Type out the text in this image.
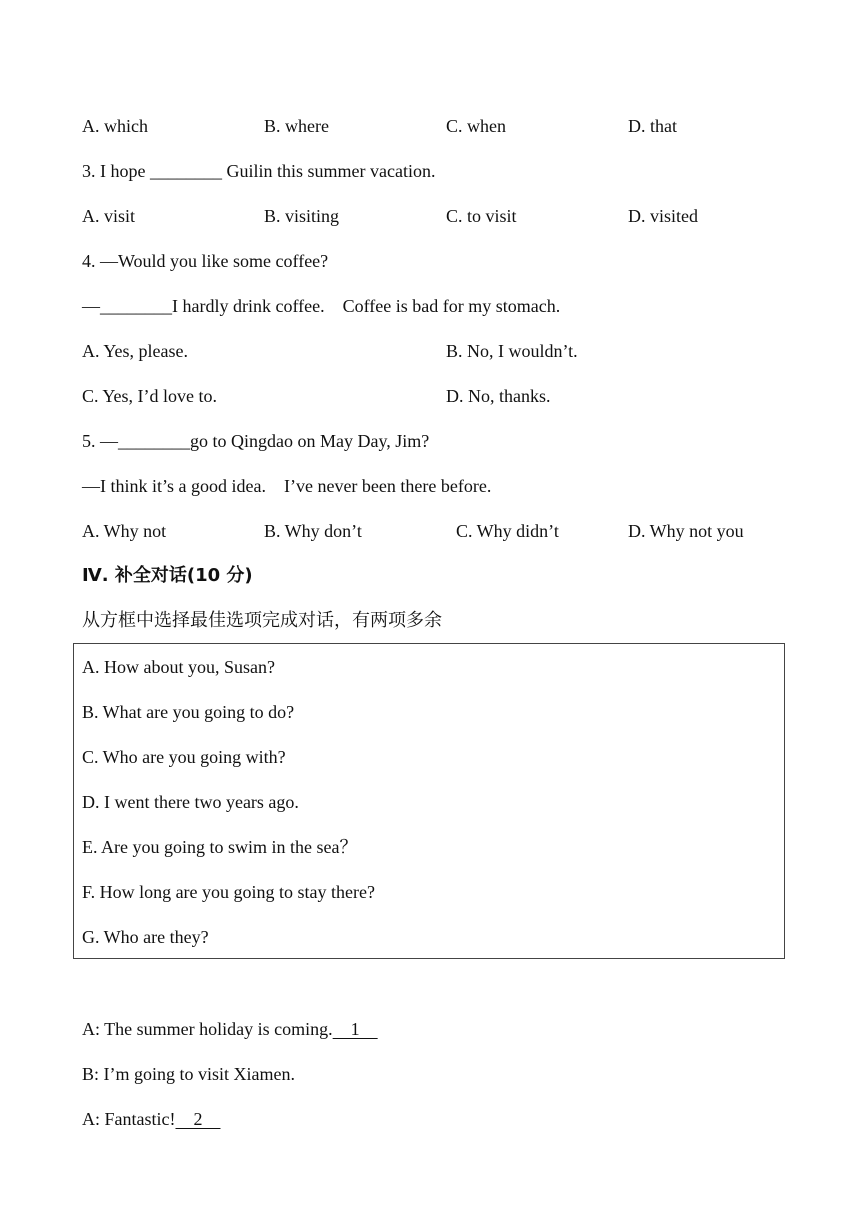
A. which	B. where	C. when	D. that
3. I hope ________ Guilin this summer vacation.
A. visit	B. visiting	C. to visit	D. visited
4. —Would you like some coffee?
—________I hardly drink coffee.    Coffee is bad for my stomach.
A. Yes, please.	B. No, I wouldn’t.
C. Yes, I’d love to.	D. No, thanks.
5. —________go to Qingdao on May Day, Jim?
—I think it’s a good idea.    I’ve never been there before.
A. Why not	B. Why don’t	C. Why didn’t	D. Why not you
Ⅳ. 补全对话(10 分)
从方框中选择最佳选项完成对话，有两项多余
A. How about you, Susan?
B. What are you going to do?
C. Who are you going with?
D. I went there two years ago.
E. Are you going to swim in the sea？
F. How long are you going to stay there?
G. Who are they?
A: The summer holiday is coming.    1
B: I’m going to visit Xiamen.
A: Fantastic!    2
